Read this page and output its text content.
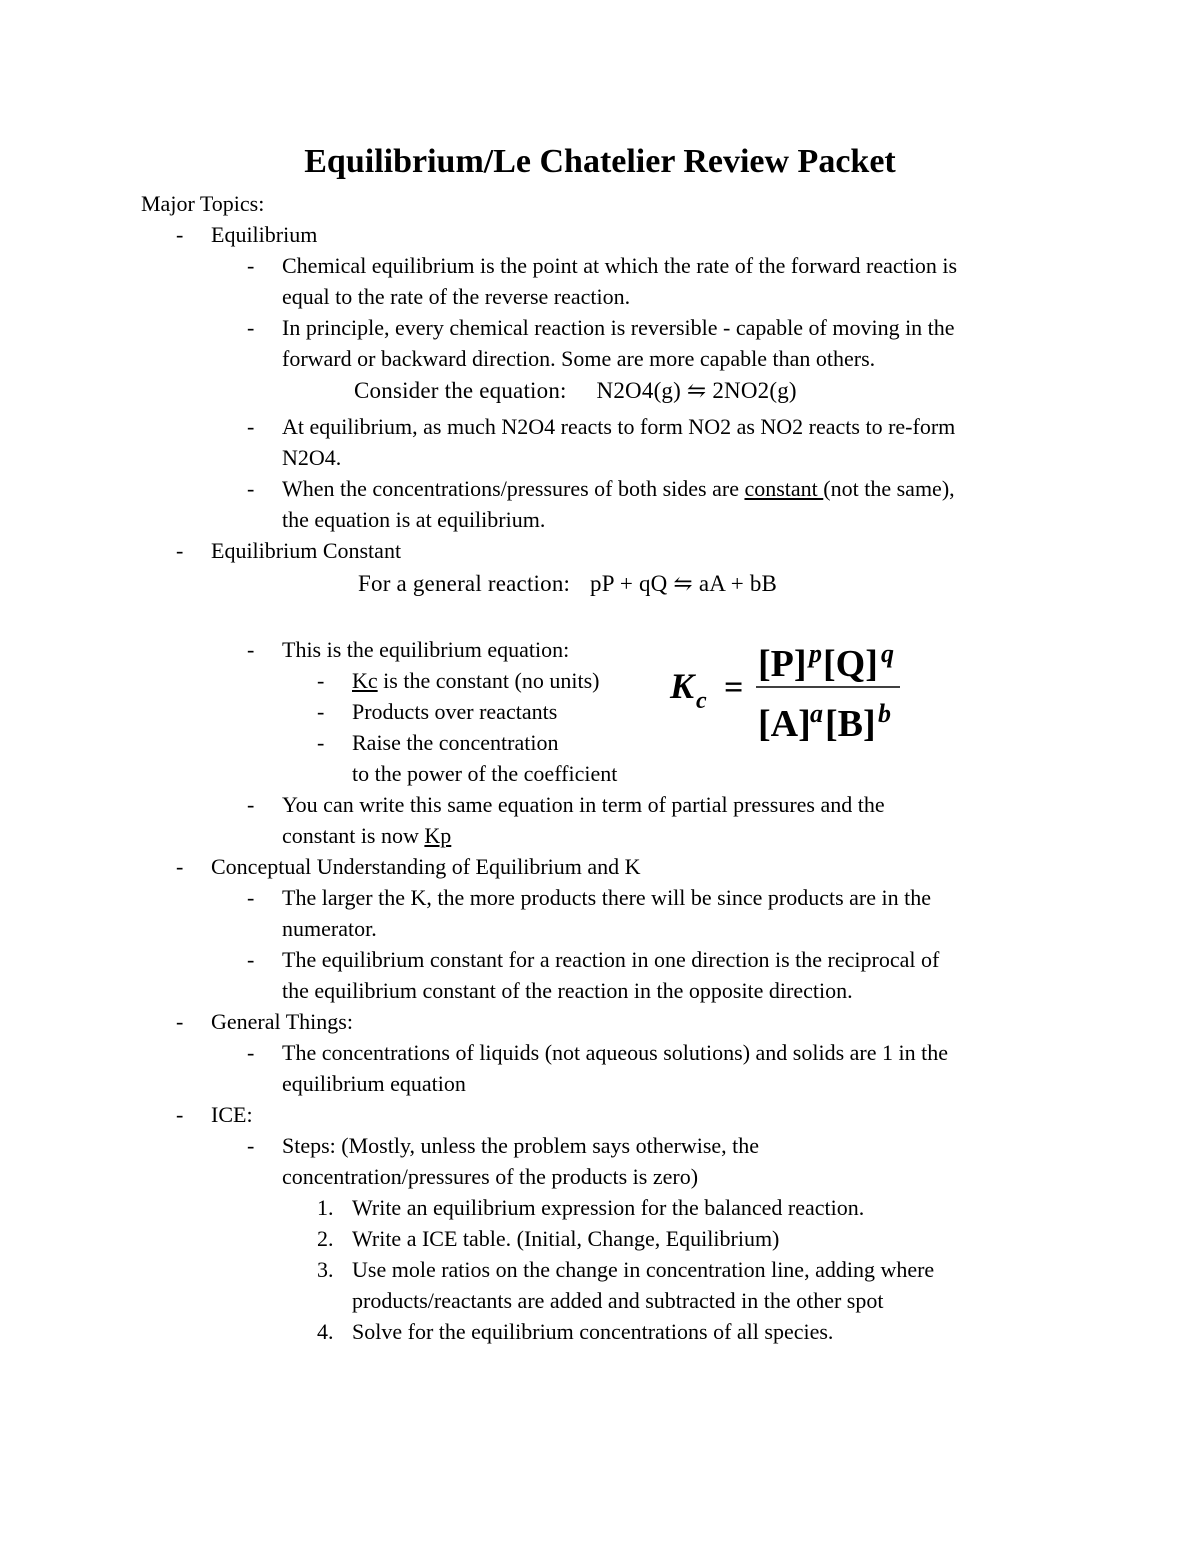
Equilibrium/Le Chatelier Review Packet
Major Topics:
- Equilibrium
- Chemical equilibrium is the point at which the rate of the forward reaction is
equal to the rate of the reverse reaction.
- In principle, every chemical reaction is reversible - capable of moving in the
forward or backward direction. Some are more capable than others.
Consider the equation: N2O4(g) ⇋ 2NO2(g)
- At equilibrium, as much N2O4 reacts to form NO2 as NO2 reacts to re-form
N2O4.
- When the concentrations/pressures of both sides are constant (not the same),
the equation is at equilibrium.
- Equilibrium Constant
For a general reaction: pP + qQ ⇋ aA + bB
- This is the equilibrium equation:
- Kc is the constant (no units)
- Products over reactants
- Raise the concentration
to the power of the coefficient
K c =
[P] p [Q] q
[A] a [B] b
- You can write this same equation in term of partial pressures and the
constant is now Kp
- Conceptual Understanding of Equilibrium and K
- The larger the K, the more products there will be since products are in the
numerator.
- The equilibrium constant for a reaction in one direction is the reciprocal of
the equilibrium constant of the reaction in the opposite direction.
- General Things:
- The concentrations of liquids (not aqueous solutions) and solids are 1 in the
equilibrium equation
- ICE:
- Steps: (Mostly, unless the problem says otherwise, the
concentration/pressures of the products is zero)
1. Write an equilibrium expression for the balanced reaction.
2. Write a ICE table. (Initial, Change, Equilibrium)
3. Use mole ratios on the change in concentration line, adding where
products/reactants are added and subtracted in the other spot
4. Solve for the equilibrium concentrations of all species.
